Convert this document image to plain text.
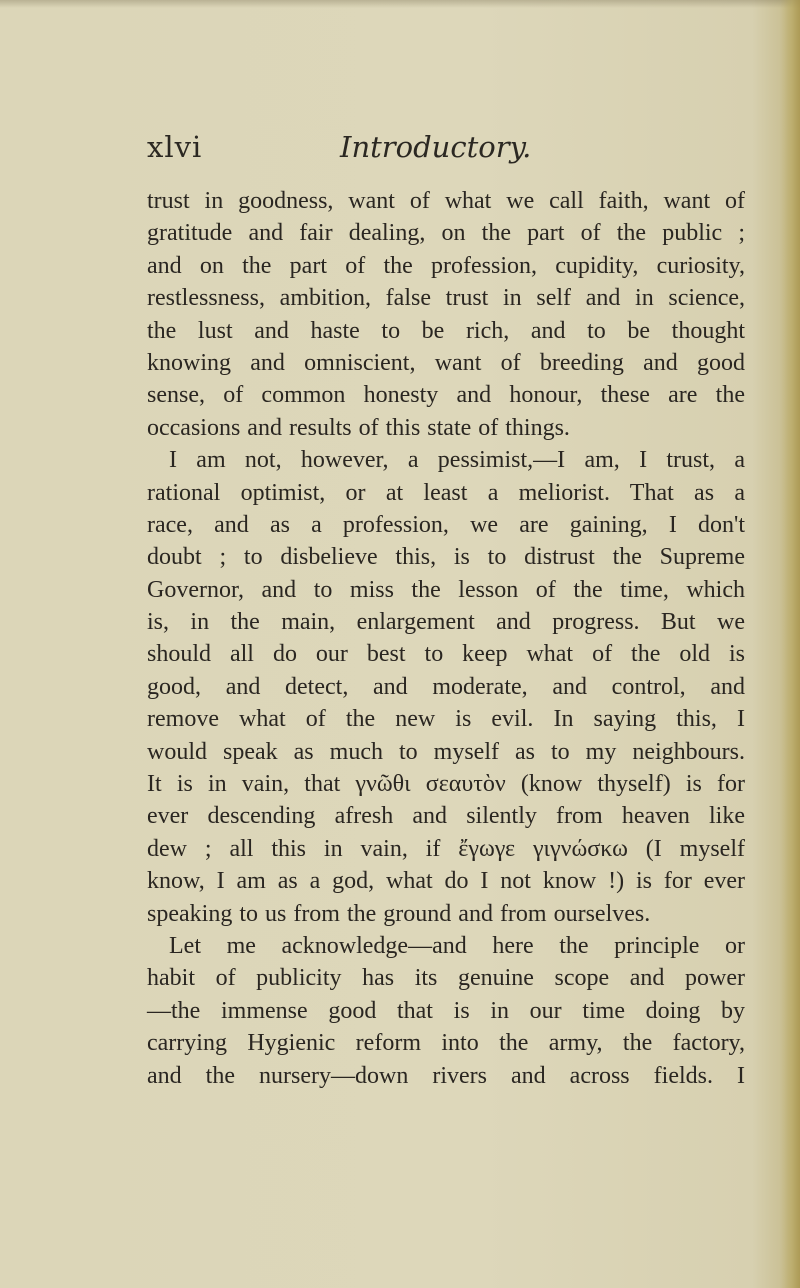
xlvi	Introductory.
trust in goodness, want of what we call faith, want of
gratitude and fair dealing, on the part of the public ;
and on the part of the profession, cupidity, curiosity,
restlessness, ambition, false trust in self and in science,
the lust and haste to be rich, and to be thought
knowing and omniscient, want of breeding and good
sense, of common honesty and honour, these are the
occasions and results of this state of things.
I am not, however, a pessimist,—I am, I trust, a
rational optimist, or at least a meliorist. That as a
race, and as a profession, we are gaining, I don't
doubt ; to disbelieve this, is to distrust the Supreme
Governor, and to miss the lesson of the time, which
is, in the main, enlargement and progress. But we
should all do our best to keep what of the old is
good, and detect, and moderate, and control, and
remove what of the new is evil. In saying this, I
would speak as much to myself as to my neighbours.
It is in vain, that γνῶθι σεαυτὸν (know thyself) is for
ever descending afresh and silently from heaven like
dew ; all this in vain, if ἔγωγε γιγνώσκω (I myself
know, I am as a god, what do I not know !) is for ever
speaking to us from the ground and from ourselves.
Let me acknowledge—and here the principle or
habit of publicity has its genuine scope and power
—the immense good that is in our time doing by
carrying Hygienic reform into the army, the factory,
and the nursery—down rivers and across fields. I
